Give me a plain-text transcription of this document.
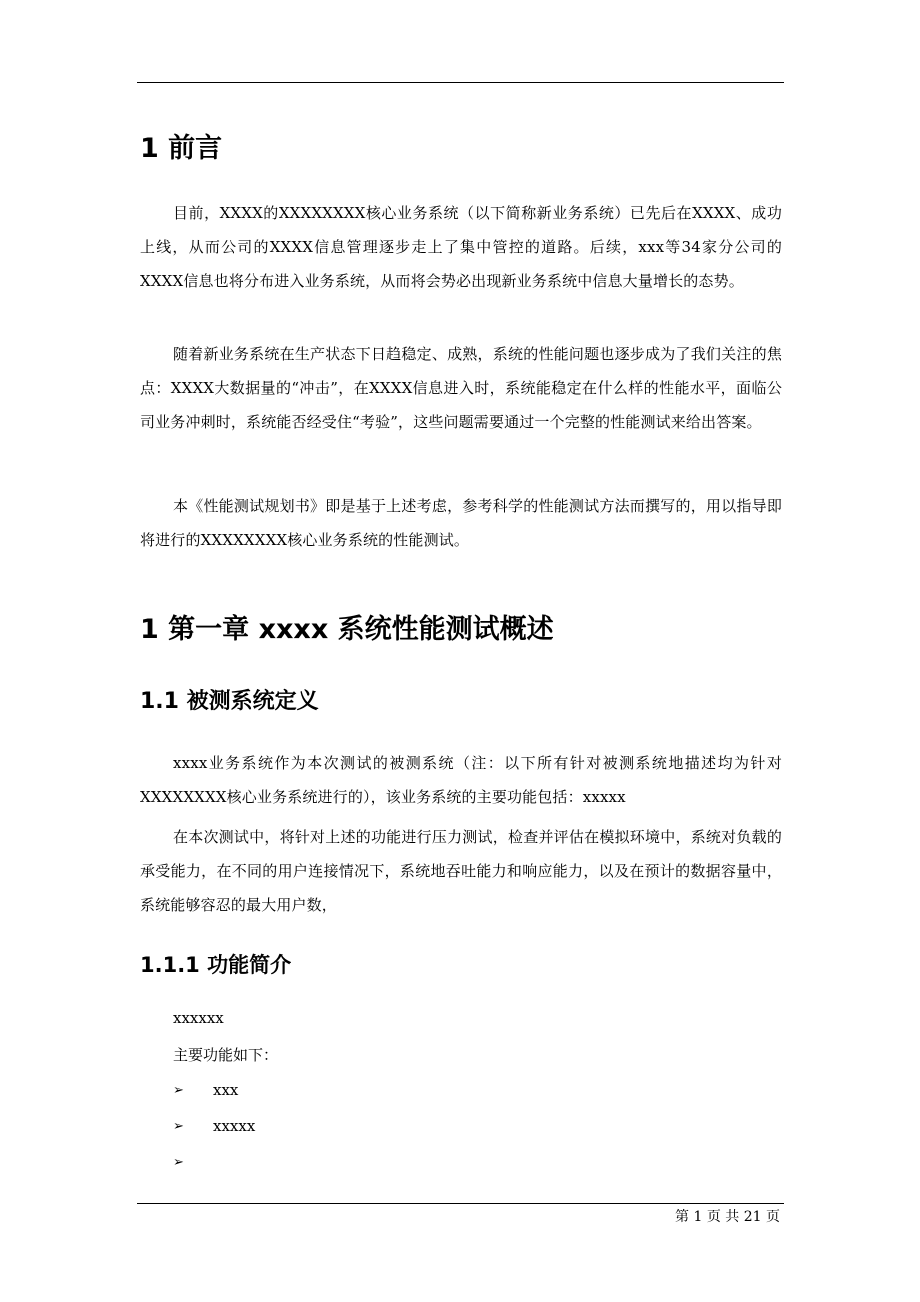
1 前言

目前，XXXX的XXXXXXXX核心业务系统（以下简称新业务系统）已先后在XXXX、成功上线，从而公司的XXXX信息管理逐步走上了集中管控的道路。后续，xxx等34家分公司的XXXX信息也将分布进入业务系统，从而将会势必出现新业务系统中信息大量增长的态势。

随着新业务系统在生产状态下日趋稳定、成熟，系统的性能问题也逐步成为了我们关注的焦点：XXXX大数据量的“冲击”，在XXXX信息进入时，系统能稳定在什么样的性能水平，面临公司业务冲刺时，系统能否经受住“考验”，这些问题需要通过一个完整的性能测试来给出答案。

本《性能测试规划书》即是基于上述考虑，参考科学的性能测试方法而撰写的，用以指导即将进行的XXXXXXXX核心业务系统的性能测试。

1 第一章 xxxx 系统性能测试概述
1.1 被测系统定义

xxxx业务系统作为本次测试的被测系统（注：以下所有针对被测系统地描述均为针对XXXXXXXX核心业务系统进行的），该业务系统的主要功能包括：xxxxx

在本次测试中，将针对上述的功能进行压力测试，检查并评估在模拟环境中，系统对负载的承受能力，在不同的用户连接情况下，系统地吞吐能力和响应能力，以及在预计的数据容量中，系统能够容忍的最大用户数，

1.1.1 功能简介

xxxxxx

主要功能如下：

➢	xxx
➢	xxxxx
➢
第 1 页 共 21 页
